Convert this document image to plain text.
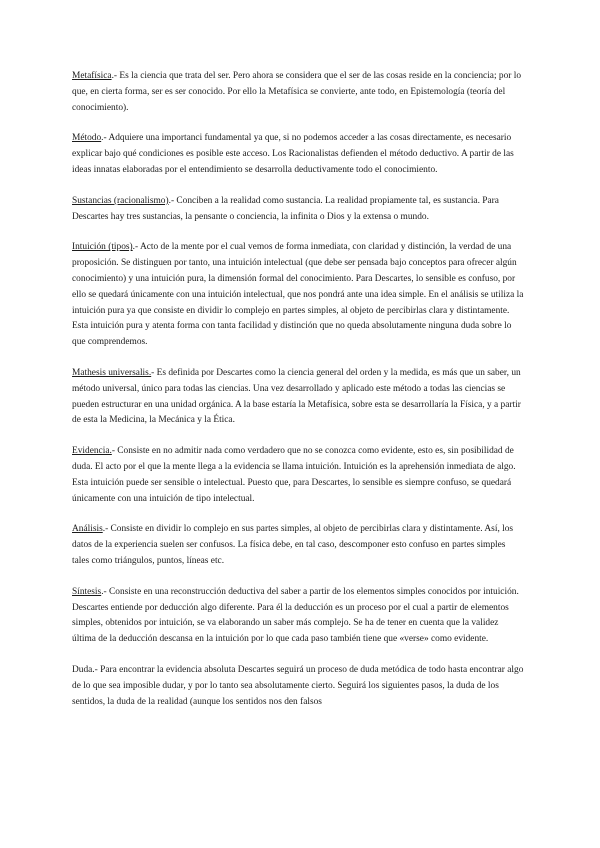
Metafísica.- Es la ciencia que trata del ser. Pero ahora se considera que el ser de las cosas reside en la conciencia; por lo que, en cierta forma, ser es ser conocido. Por ello la Metafísica se convierte, ante todo, en Epistemología (teoría del conocimiento).

Método.- Adquiere una importanci fundamental ya que, si no podemos acceder a las cosas directamente, es necesario explicar bajo qué condiciones es posible este acceso. Los Racionalistas defienden el método deductivo. A partir de las ideas innatas elaboradas por el entendimiento se desarrolla deductivamente todo el conocimiento.

Sustancias (racionalismo).- Conciben a la realidad como sustancia. La realidad propiamente tal, es sustancia. Para Descartes hay tres sustancias, la pensante o conciencia, la infinita o Dios y la extensa o mundo.

Intuición (tipos).- Acto de la mente por el cual vemos de forma inmediata, con claridad y distinción, la verdad de una proposición. Se distinguen por tanto, una intuición intelectual (que debe ser pensada bajo conceptos para ofrecer algún conocimiento) y una intuición pura, la dimensión formal del conocimiento. Para Descartes, lo sensible es confuso, por ello se quedará únicamente con una intuición intelectual, que nos pondrá ante una idea simple. En el análisis se utiliza la intuición pura ya que consiste en dividir lo complejo en partes simples, al objeto de percibirlas clara y distintamente. Esta intuición pura y atenta forma con tanta facilidad y distinción que no queda absolutamente ninguna duda sobre lo que comprendemos.

Mathesis universalis.- Es definida por Descartes como la ciencia general del orden y la medida, es más que un saber, un método universal, único para todas las ciencias. Una vez desarrollado y aplicado este método a todas las ciencias se pueden estructurar en una unidad orgánica. A la base estaría la Metafísica, sobre esta se desarrollaría la Física, y a partir de esta la Medicina, la Mecánica y la Ética.

Evidencia.- Consiste en no admitir nada como verdadero que no se conozca como evidente, esto es, sin posibilidad de duda. El acto por el que la mente llega a la evidencia se llama intuición. Intuición es la aprehensión inmediata de algo. Esta intuición puede ser sensible o intelectual. Puesto que, para Descartes, lo sensible es siempre confuso, se quedará únicamente con una intuición de tipo intelectual.

Análisis.- Consiste en dividir lo complejo en sus partes simples, al objeto de percibirlas clara y distintamente. Así, los datos de la experiencia suelen ser confusos. La física debe, en tal caso, descomponer esto confuso en partes simples tales como triángulos, puntos, líneas etc.

Síntesis.- Consiste en una reconstrucción deductiva del saber a partir de los elementos simples conocidos por intuición. Descartes entiende por deducción algo diferente. Para él la deducción es un proceso por el cual a partir de elementos simples, obtenidos por intuición, se va elaborando un saber más complejo. Se ha de tener en cuenta que la validez última de la deducción descansa en la intuición por lo que cada paso también tiene que «verse» como evidente.

Duda.- Para encontrar la evidencia absoluta Descartes seguirá un proceso de duda metódica de todo hasta encontrar algo de lo que sea imposible dudar, y por lo tanto sea absolutamente cierto. Seguirá los siguientes pasos, la duda de los sentidos, la duda de la realidad (aunque los sentidos nos den falsos
